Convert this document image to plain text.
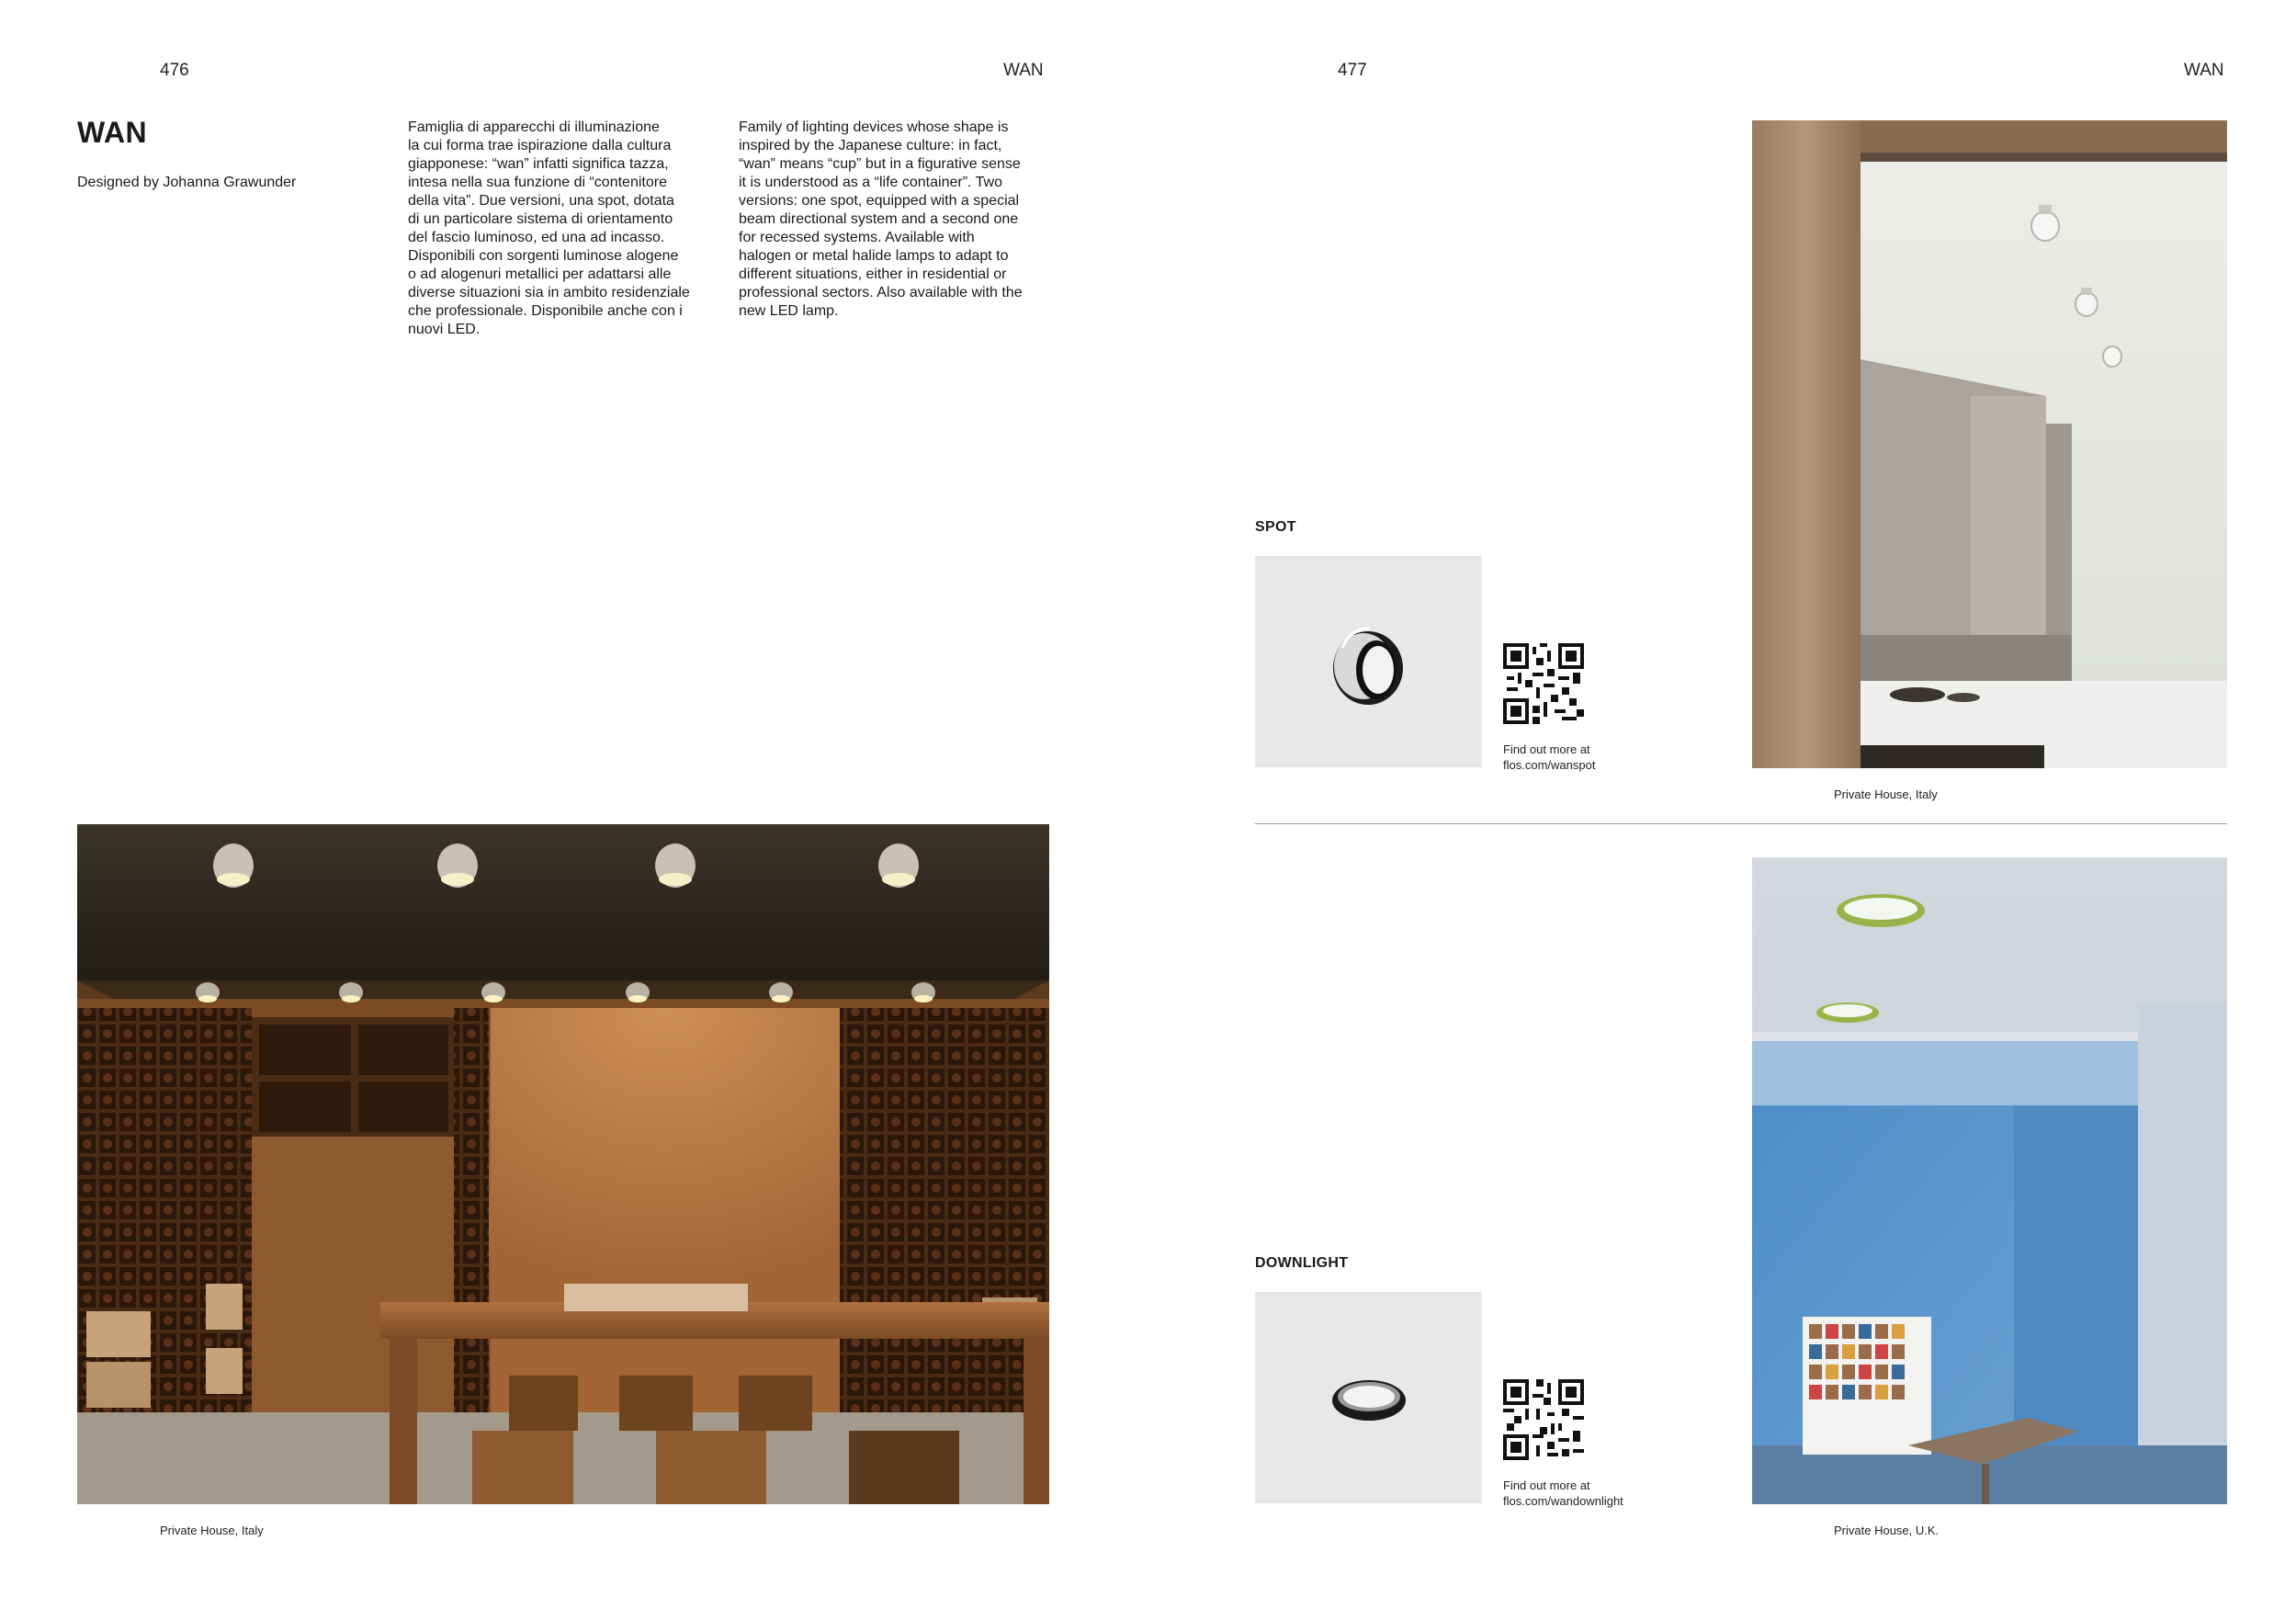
476	WAN
WAN
Designed by Johanna Grawunder
Famiglia di apparecchi di illuminazione
la cui forma trae ispirazione dalla cultura
giapponese: “wan” infatti significa tazza,
intesa nella sua funzione di “contenitore
della vita”. Due versioni, una spot, dotata
di un particolare sistema di orientamento
del fascio luminoso, ed una ad incasso.
Disponibili con sorgenti luminose alogene
o ad alogenuri metallici per adattarsi alle
diverse situazioni sia in ambito residenziale
che professionale. Disponibile anche con i
nuovi LED.
Family of lighting devices whose shape is
inspired by the Japanese culture: in fact,
“wan” means “cup” but in a figurative sense
it is understood as a “life container”. Two
versions: one spot, equipped with a special
beam directional system and a second one
for recessed systems. Available with
halogen or metal halide lamps to adapt to
different situations, either in residential or
professional sectors. Also available with the
new LED lamp.
Private House, Italy
477	WAN
SPOT
Find out more at
flos.com/wanspot
Private House, Italy
DOWNLIGHT
Find out more at
flos.com/wandownlight
Private House, U.K.
